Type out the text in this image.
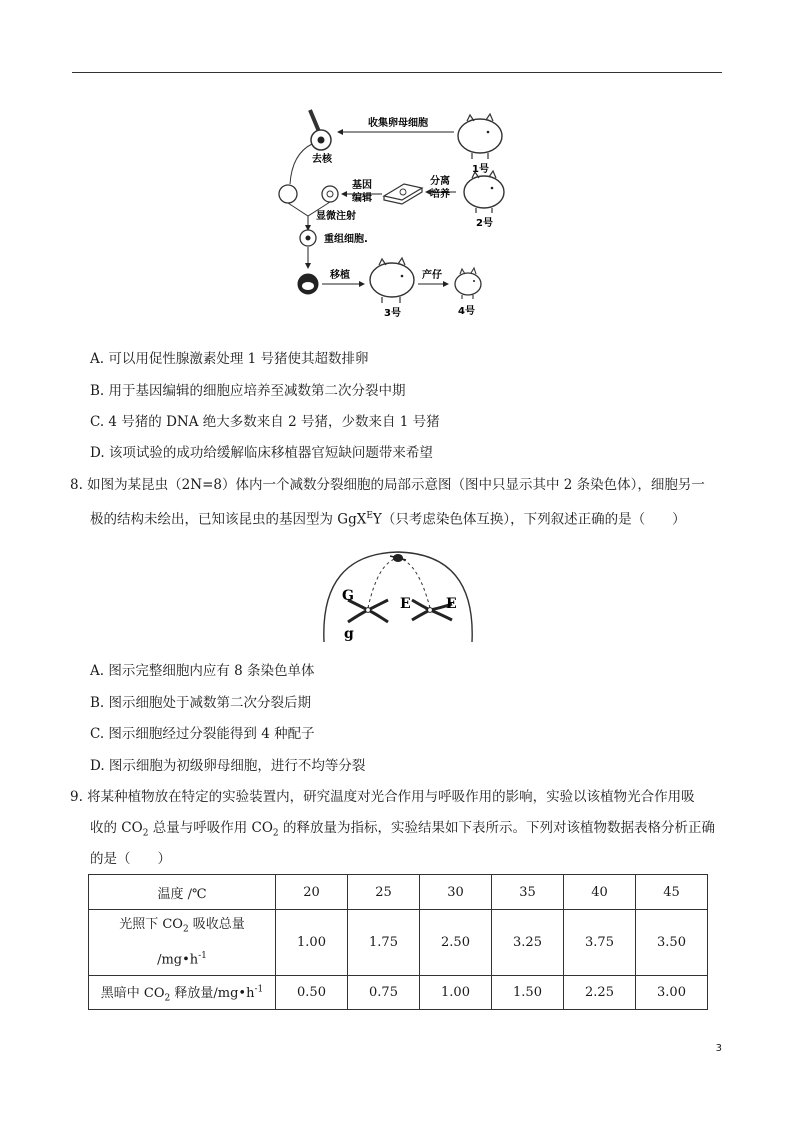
去核
收集卵母细胞
1号
基因
编辑
分离
培养
2号
显微注射
重组细胞.
移植
3号
产仔
4号
A. 可以用促性腺激素处理 1 号猪使其超数排卵
B. 用于基因编辑的细胞应培养至减数第二次分裂中期
C. 4 号猪的 DNA 绝大多数来自 2 号猪，少数来自 1 号猪
D. 该项试验的成功给缓解临床移植器官短缺问题带来希望
8. 如图为某昆虫（2N=8）体内一个减数分裂细胞的局部示意图（图中只显示其中 2 条染色体），细胞另一
极的结构未绘出，已知该昆虫的基因型为 GgX$^E$Y（只考虑染色体互换），下列叙述正确的是（　　）
G
g
E	E
A. 图示完整细胞内应有 8 条染色单体
B. 图示细胞处于减数第二次分裂后期
C. 图示细胞经过分裂能得到 4 种配子
D. 图示细胞为初级卵母细胞，进行不均等分裂
9. 将某种植物放在特定的实验装置内，研究温度对光合作用与呼吸作用的影响，实验以该植物光合作用吸
收的 $CO_2$ 总量与呼吸作用 $CO_2$ 的释放量为指标，实验结果如下表所示。下列对该植物数据表格分析正确
的是（　　）
温度 /℃	20	25	30	35	40	45
光照下 $CO_2$ 吸收总量
$/mg•h^{-1}$	1.00	1.75	2.50	3.25	3.75	3.50
黑暗中 $CO_2$ 释放量$/mg•h^{-1}$	0.50	0.75	1.00	1.50	2.25	3.00
3
